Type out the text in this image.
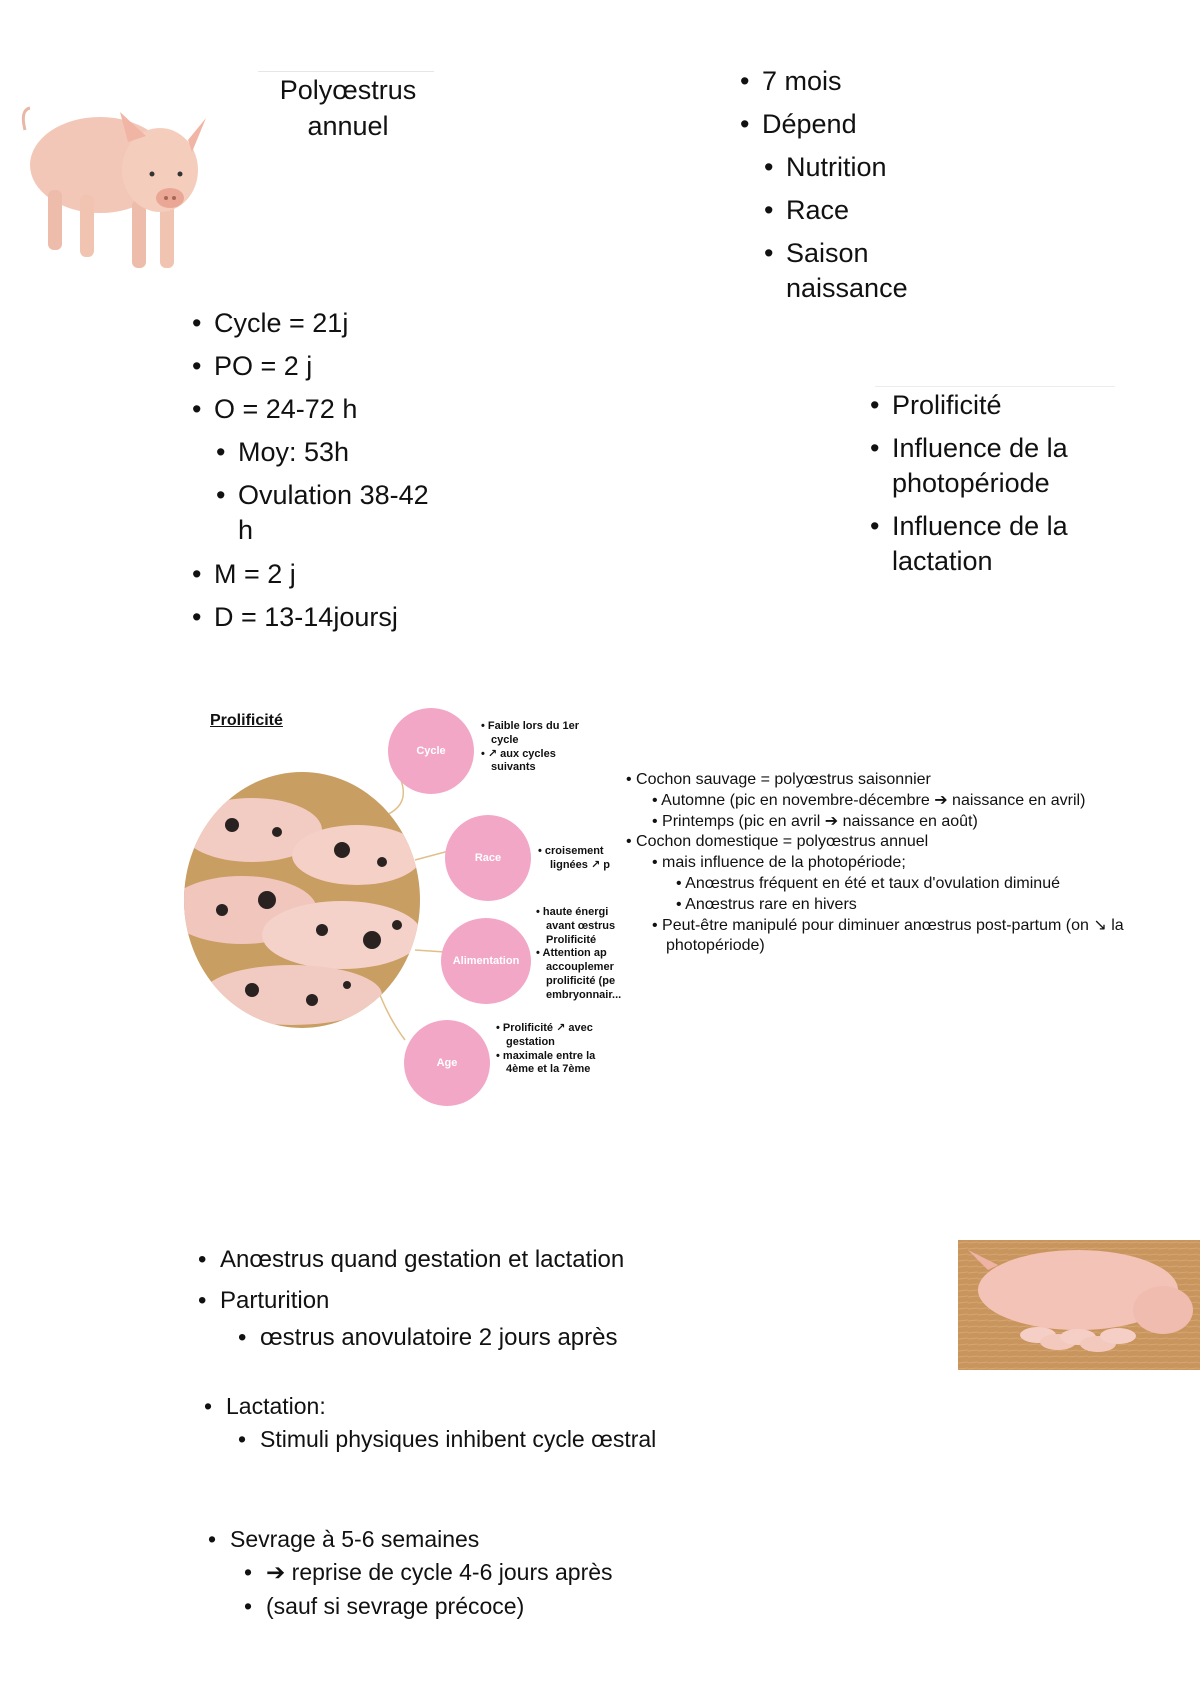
Polyœstrus
annuel
• 7 mois
• Dépend
• Nutrition
• Race
• Saison
naissance
• Cycle = 21j
• PO = 2 j
• O = 24-72 h
• Moy: 53h
• Ovulation 38-42
h
• M = 2 j
• D = 13-14joursj
• Prolificité
• Influence de la
photopériode
• Influence de la
lactation
Prolificité
Cycle
Race
Alimentation
Age
• Faible lors du 1er
cycle
• ↗ aux cycles
suivants
• croisement
lignées ↗ p
• haute énergi
avant œstrus
Prolificité
• Attention ap
accouplemer
prolificité (pe
embryonnair...
• Prolificité ↗ avec
gestation
• maximale entre la
4ème et la 7ème
• Cochon sauvage = polyœstrus saisonnier
• Automne (pic en novembre-décembre ➔ naissance en avril)
• Printemps (pic en avril ➔ naissance en août)
• Cochon domestique = polyœstrus annuel
• mais influence de la photopériode;
• Anœstrus fréquent en été et taux d'ovulation diminué
• Anœstrus rare en hivers
• Peut-être manipulé pour diminuer anœstrus post-partum (on ↘ la
photopériode)
• Anœstrus quand gestation et lactation
• Parturition
• œstrus anovulatoire 2 jours après
• Lactation:
• Stimuli physiques inhibent cycle œstral
• Sevrage à 5-6 semaines
• ➔ reprise de cycle 4-6 jours après
• (sauf si sevrage précoce)
